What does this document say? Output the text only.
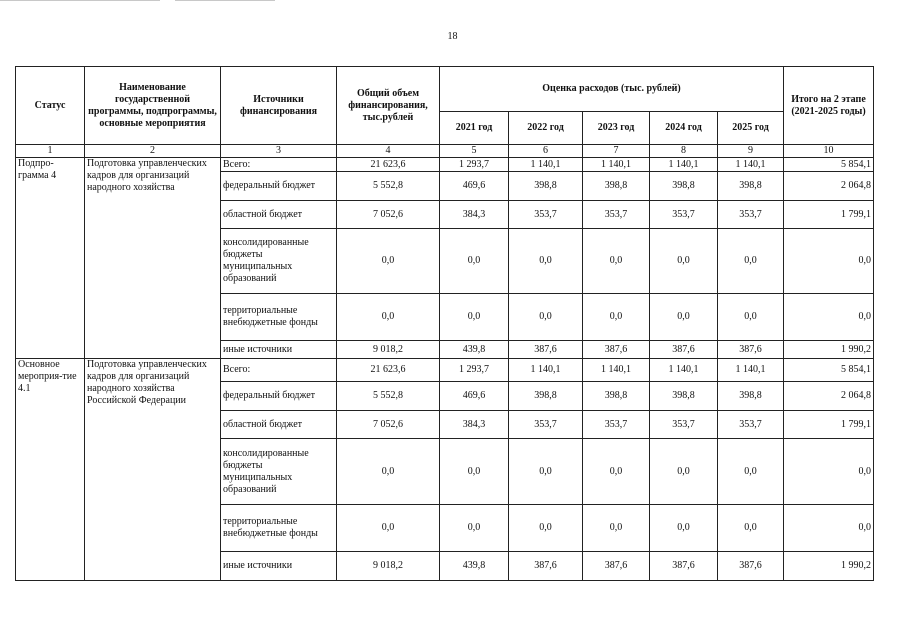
18
Статус	Наименование государственной программы, подпрограммы, основные мероприятия	Источники финансирования	Общий объем финансирования, тыс.рублей	Оценка расходов (тыс. рублей)					Итого на 2 этапе (2021-2025 годы)
				2021 год	2022 год	2023 год	2024 год	2025 год	
1	2	3	4	5	6	7	8	9	10
Подпро-грамма 4	Подготовка управленческих кадров для организаций народного хозяйства	Всего:	21 623,6	1 293,7	1 140,1	1 140,1	1 140,1	1 140,1	5 854,1
		федеральный бюджет	5 552,8	469,6	398,8	398,8	398,8	398,8	2 064,8
		областной бюджет	7 052,6	384,3	353,7	353,7	353,7	353,7	1 799,1
		консолидированные бюджеты муниципальных образований	0,0	0,0	0,0	0,0	0,0	0,0	0,0
		территориальные внебюджетные фонды	0,0	0,0	0,0	0,0	0,0	0,0	0,0
		иные источники	9 018,2	439,8	387,6	387,6	387,6	387,6	1 990,2
Основное мероприя-тие 4.1	Подготовка управленческих кадров для организаций народного хозяйства Российской Федерации	Всего:	21 623,6	1 293,7	1 140,1	1 140,1	1 140,1	1 140,1	5 854,1
		федеральный бюджет	5 552,8	469,6	398,8	398,8	398,8	398,8	2 064,8
		областной бюджет	7 052,6	384,3	353,7	353,7	353,7	353,7	1 799,1
		консолидированные бюджеты муниципальных образований	0,0	0,0	0,0	0,0	0,0	0,0	0,0
		территориальные внебюджетные фонды	0,0	0,0	0,0	0,0	0,0	0,0	0,0
		иные источники	9 018,2	439,8	387,6	387,6	387,6	387,6	1 990,2
